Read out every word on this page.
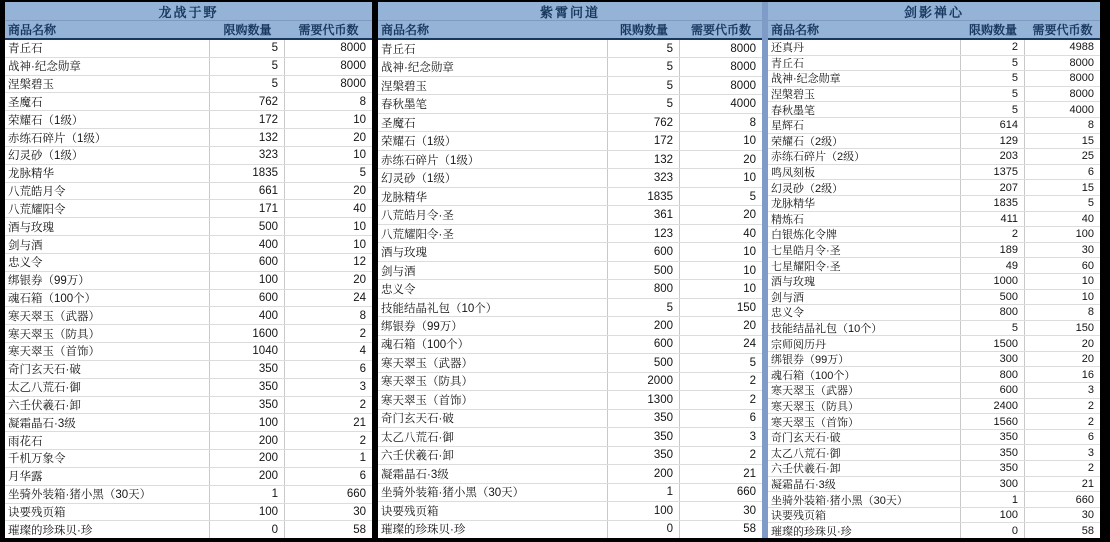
龙战于野
商品名称	限购数量	需要代币数
青丘石	5	8000
战神·纪念勋章	5	8000
涅槃碧玉	5	8000
圣魔石	762	8
荣耀石（1级）	172	10
赤练石碎片（1级）	132	20
幻灵砂（1级）	323	10
龙脉精华	1835	5
八荒皓月令	661	20
八荒耀阳令	171	40
酒与玫瑰	500	10
剑与酒	400	10
忠义令	600	12
绑银券（99万）	100	20
魂石箱（100个）	600	24
寒天翠玉（武器）	400	8
寒天翠玉（防具）	1600	2
寒天翠玉（首饰）	1040	4
奇门玄天石·破	350	6
太乙八荒石·御	350	3
六壬伏羲石·卸	350	2
凝霜晶石·3级	100	21
雨花石	200	2
千机万象令	200	1
月华露	200	6
坐骑外装箱·猪小黑（30天）	1	660
诀要残页箱	100	30
璀璨的珍珠贝·珍	0	58
紫霄问道
商品名称	限购数量	需要代币数
青丘石	5	8000
战神·纪念勋章	5	8000
涅槃碧玉	5	8000
春秋墨笔	5	4000
圣魔石	762	8
荣耀石（1级）	172	10
赤练石碎片（1级）	132	20
幻灵砂（1级）	323	10
龙脉精华	1835	5
八荒皓月令·圣	361	20
八荒耀阳令·圣	123	40
酒与玫瑰	600	10
剑与酒	500	10
忠义令	800	10
技能结晶礼包（10个）	5	150
绑银券（99万）	200	20
魂石箱（100个）	600	24
寒天翠玉（武器）	500	5
寒天翠玉（防具）	2000	2
寒天翠玉（首饰）	1300	2
奇门玄天石·破	350	6
太乙八荒石·御	350	3
六壬伏羲石·卸	350	2
凝霜晶石·3级	200	21
坐骑外装箱·猪小黑（30天）	1	660
诀要残页箱	100	30
璀璨的珍珠贝·珍	0	58
剑影禅心
商品名称	限购数量	需要代币数
还真丹	2	4988
青丘石	5	8000
战神·纪念勋章	5	8000
涅槃碧玉	5	8000
春秋墨笔	5	4000
星辉石	614	8
荣耀石（2级）	129	15
赤练石碎片（2级）	203	25
鸣凤刻板	1375	6
幻灵砂（2级）	207	15
龙脉精华	1835	5
精炼石	411	40
白银炼化令牌	2	100
七星皓月令·圣	189	30
七星耀阳令·圣	49	60
酒与玫瑰	1000	10
剑与酒	500	10
忠义令	800	8
技能结晶礼包（10个）	5	150
宗师阅历丹	1500	20
绑银券（99万）	300	20
魂石箱（100个）	800	16
寒天翠玉（武器）	600	3
寒天翠玉（防具）	2400	2
寒天翠玉（首饰）	1560	2
奇门玄天石·破	350	6
太乙八荒石·御	350	3
六壬伏羲石·卸	350	2
凝霜晶石·3级	300	21
坐骑外装箱·猪小黑（30天）	1	660
诀要残页箱	100	30
璀璨的珍珠贝·珍	0	58
